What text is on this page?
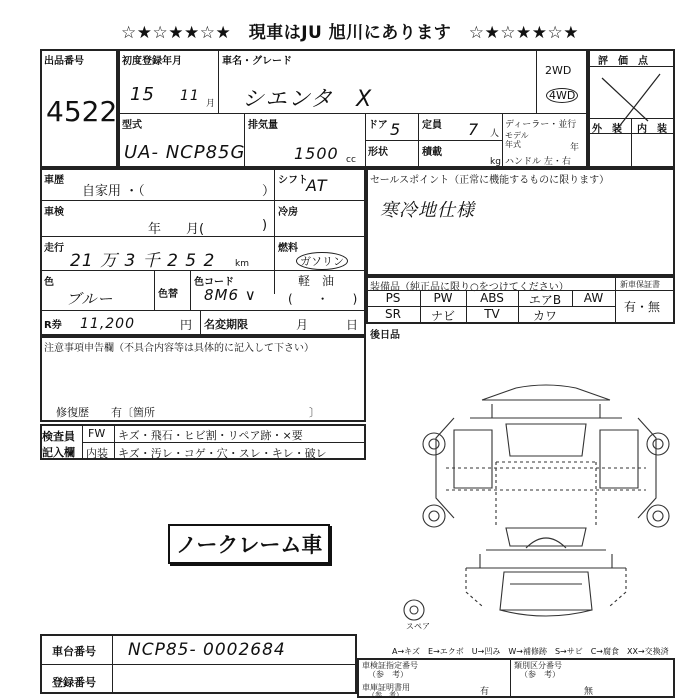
☆★☆★★☆★　現車はJU 旭川にあります　☆★☆★★☆★
出品番号
4522
初度登録年月
15 11 月
車名・グレード
シエンタ　X
2WD
4WD
型式
UA- NCP85G
排気量
1500 cc
ドア 5
形状
定員 7 人
積載
kg
ディーラー・並行
モデル
年式	年
ハンドル 左・右
評　価　点
外　装 内　装
車歴
自家用 ・（	）
シフト
AT
車検
年 月(	)
冷房
走行
21 万 3 千 2 5 2 km
燃料
ガソリン
軽　油
(　　・　　)
色
ブルー	色替
色コード
8M6 ∨
R券 11,200	円 名変期限	月	日
セールスポイント（正常に機能するものに限ります）
寒冷地仕様
装備品（純正品に限り○をつけてください）
PS	PW	ABS	エアB	AW
SR	ナビ	TV	カワ
新車保証書
有・無
後日品
注意事項申告欄（不具合内容等は具体的に記入して下さい）
修復歴　　有〔箇所　　　　　　　　　　　　　　〕
検査員
記入欄
FW キズ・飛石・ヒビ割・リペア跡・×要
内装 キズ・汚レ・コゲ・穴・スレ・キレ・破レ
ノークレーム車
スペア
A→キズ　E→エクボ　U→凹み　W→補修跡　S→サビ　C→腐食　XX→交換済
車台番号 NCP85- 0002684
登録番号
車検証指定番号
（参　考）
類別区分番号
（参　考）
車庫証明書用
（参　考）	有	無
